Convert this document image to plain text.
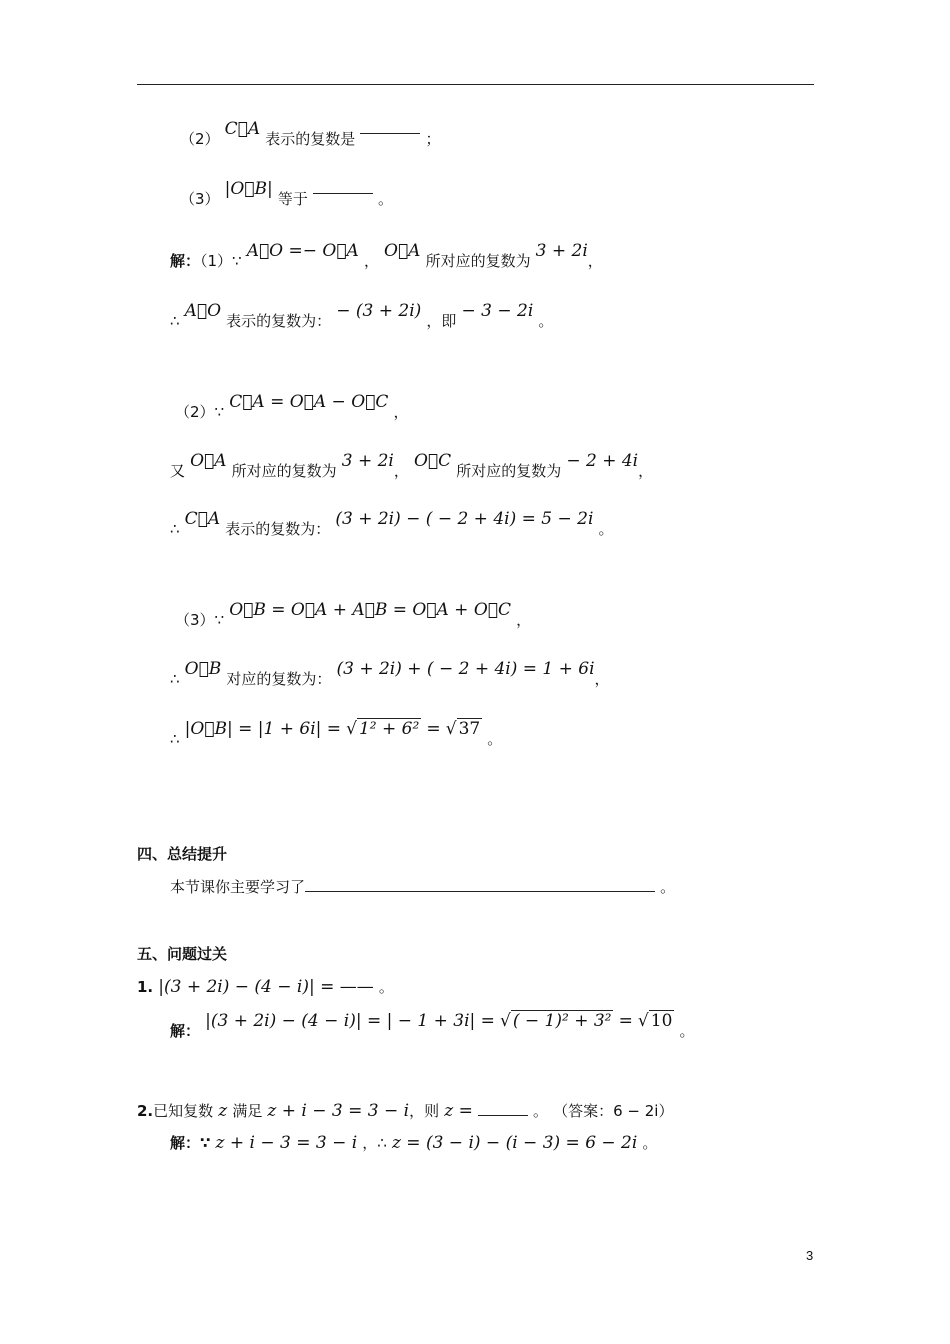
（2） C⃗A 表示的复数是	；
（3） |O⃗B| 等于	。
解：（1）∵ A⃗O =− O⃗A ， O⃗A 所对应的复数为 3 + 2i，
∴ A⃗O 表示的复数为： − (3 + 2i) ，即 − 3 − 2i 。
（2）∵ C⃗A = O⃗A − O⃗C ，
又 O⃗A 所对应的复数为 3 + 2i， O⃗C 所对应的复数为 − 2 + 4i，
∴ C⃗A 表示的复数为： (3 + 2i) − ( − 2 + 4i) = 5 − 2i 。
（3）∵ O⃗B = O⃗A + A⃗B = O⃗A + O⃗C ，
∴ O⃗B 对应的复数为： (3 + 2i) + ( − 2 + 4i) = 1 + 6i，
∴ |O⃗B| = |1 + 6i| = √ 1² + 6² = √ 37 。
四、总结提升
本节课你主要学习了	。
五、问题过关
1. |(3 + 2i) − (4 − i)| = —— 。
解： |(3 + 2i) − (4 − i)| = | − 1 + 3i| = √ ( − 1)² + 3² = √ 10 。
2.已知复数 z 满足 z + i − 3 = 3 − i，则 z =	。 （答案：6 − 2i）
解：∵ z + i − 3 = 3 − i ，∴ z = (3 − i) − (i − 3) = 6 − 2i 。
3
